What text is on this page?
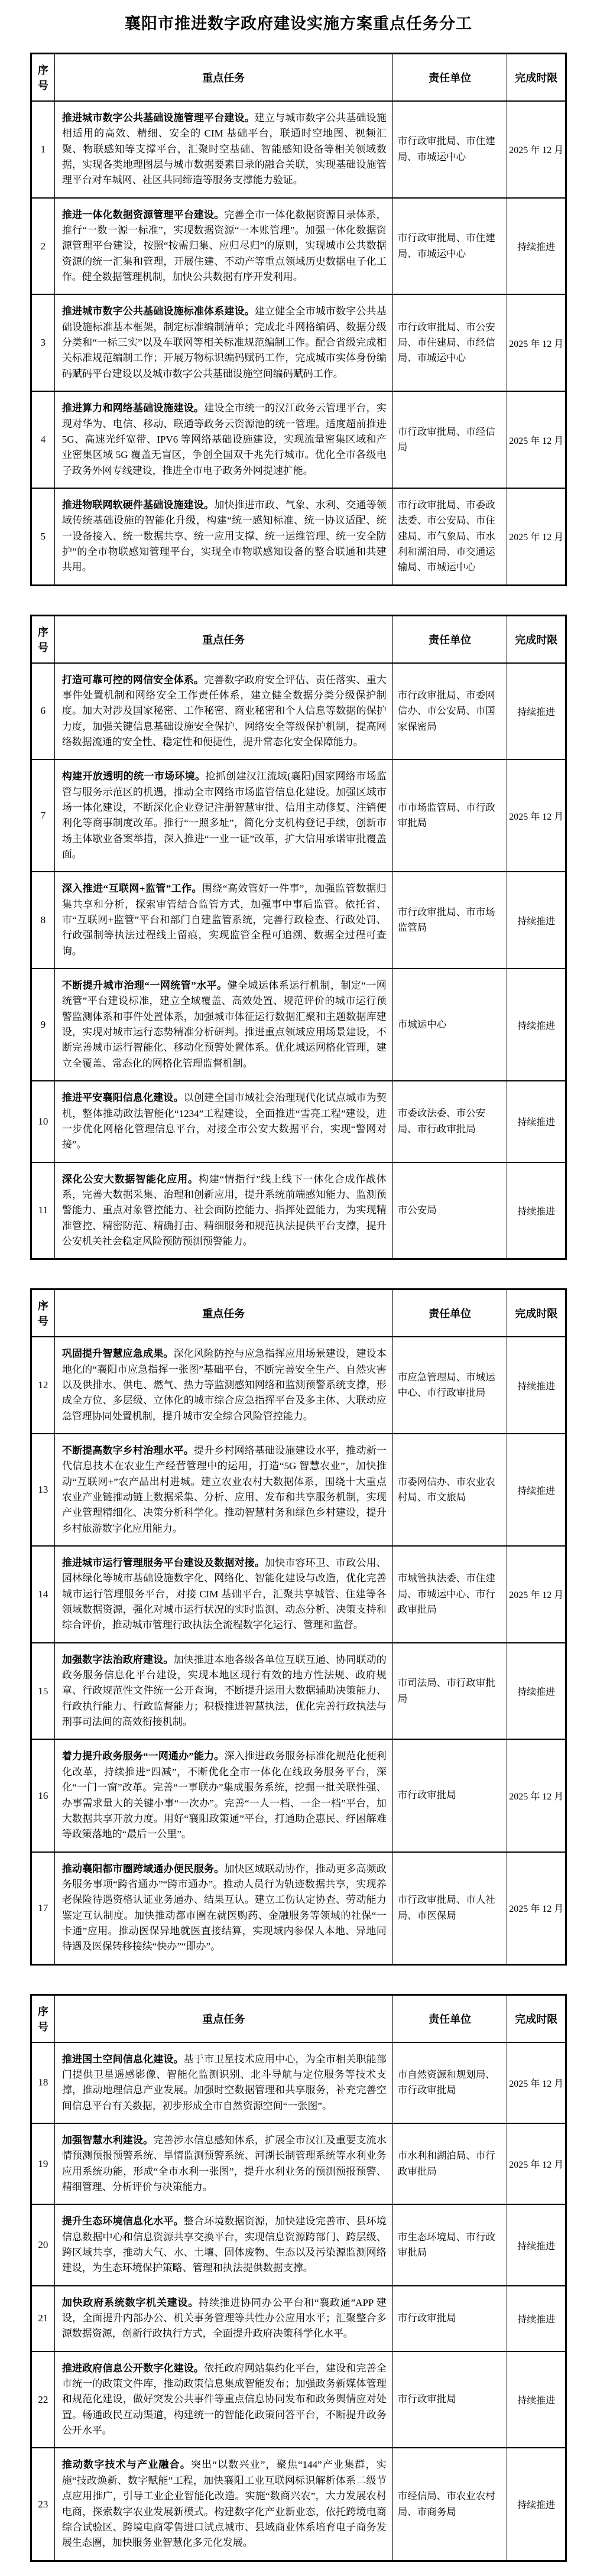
襄阳市推进数字政府建设实施方案重点任务分工
序号	重点任务	责任单位	完成时限
1	推进城市数字公共基础设施管理平台建设。建立与城市数字公共基础设施相适用的高效、精细、安全的 CIM 基础平台，联通时空地图、视频汇聚、物联感知等支撑平台，汇聚时空基础、智能感知设备等相关领域数据，实现各类地理图层与城市数据要素目录的融合关联，实现基础设施管理平台对车城网、社区共同缔造等服务支撑能力验证。	市行政审批局、市住建局、市城运中心	2025 年 12 月
2	推进一体化数据资源管理平台建设。完善全市一体化数据资源目录体系，推行“一数一源一标准”，实现数据资源“一本账管理”。加强一体化数据资源管理平台建设，按照“按需归集、应归尽归”的原则，实现城市公共数据资源的统一汇集和管理，开展住建、不动产等重点领域历史数据电子化工作。健全数据管理机制，加快公共数据有序开发利用。	市行政审批局、市住建局、市城运中心	持续推进
3	推进城市数字公共基础设施标准体系建设。建立健全全市城市数字公共基础设施标准基本框架，制定标准编制清单；完成北斗网格编码、数据分级分类和“一标三实”以及车联网等相关标准规范编制工作。配合省级完成相关标准规范编制工作；开展万物标识编码赋码工作，完成城市实体身份编码赋码平台建设以及城市数字公共基础设施空间编码赋码工作。	市行政审批局、市公安局、市住建局、市经信局、市城运中心	2025 年 12 月
4	推进算力和网络基础设施建设。建设全市统一的汉江政务云管理平台，实现对华为、电信、移动、联通等政务云资源池的统一管理。适度超前推进 5G、高速光纤宽带、IPV6 等网络基础设施建设，实现流量密集区域和产业密集区域 5G 覆盖无盲区，争创全国双千兆先行城市。优化全市各级电子政务外网专线建设，推进全市电子政务外网提速扩能。	市行政审批局、市经信局	2025 年 12 月
5	推进物联网软硬件基础设施建设。加快推进市政、气象、水利、交通等领域传统基础设施的智能化升级，构建“统一感知标准、统一协议适配、统一设备接入、统一数据共享、统一应用支撑、统一运维管理、统一安全防护”的全市物联感知管理平台，实现全市物联感知设备的整合联通和共建共用。	市行政审批局、市委政法委、市公安局、市住建局、市气象局、市水利和湖泊局、市交通运输局、市城运中心	2025 年 12 月
序号	重点任务	责任单位	完成时限
6	打造可靠可控的网信安全体系。完善数字政府安全评估、责任落实、重大事件处置机制和网络安全工作责任体系，建立健全数据分类分级保护制度。加大对涉及国家秘密、工作秘密、商业秘密和个人信息等数据的保护力度，加强关键信息基础设施安全保护、网络安全等级保护机制，提高网络数据流通的安全性、稳定性和便捷性，提升常态化安全保障能力。	市行政审批局、市委网信办、市公安局、市国家保密局	持续推进
7	构建开放透明的统一市场环境。抢抓创建汉江流域(襄阳)国家网络市场监管与服务示范区的机遇，推动全市网络市场监管信息化建设。加强区域市场一体化建设，不断深化企业登记注册智慧审批、信用主动修复、注销便利化等商事制度改革。推行“一照多址”，简化分支机构登记手续，创新市场主体歇业备案举措，深入推进“一业一证”改革，扩大信用承诺审批覆盖面。	市市场监管局、市行政审批局	2025 年 12 月
8	深入推进“互联网+监管”工作。围绕“高效管好一件事”，加强监管数据归集共享和分析，探索审管结合监管方式，加强事中事后监管。依托省、市“互联网+监管”平台和部门自建监管系统，完善行政检查、行政处罚、行政强制等执法过程线上留痕，实现监管全程可追溯、数据全过程可查询。	市行政审批局、市市场监管局	持续推进
9	不断提升城市治理“一网统管”水平。健全城运体系运行机制，制定“一网统管”平台建设标准，建立全域覆盖、高效处置、规范评价的城市运行预警监测体系和事件处置体系，加强城市体征运行数据汇聚和主题数据库建设，实现对城市运行态势精准分析研判。推进重点领域应用场景建设，不断完善城市运行智能化、移动化预警处置体系。优化城运网格化管理，建立全覆盖、常态化的网格化管理监督机制。	市城运中心	持续推进
10	推进平安襄阳信息化建设。以创建全国市域社会治理现代化试点城市为契机，整体推动政法智能化“1234”工程建设，全面推进“雪亮工程”建设，进一步优化网格化管理信息平台，对接全市公安大数据平台，实现“警网对接”。	市委政法委、市公安局、市行政审批局	持续推进
11	深化公安大数据智能化应用。构建“情指行”线上线下一体化合成作战体系，完善大数据采集、治理和创新应用，提升系统前端感知能力、监测预警能力、重点对象管控能力、社会面防控能力、指挥处置能力，为实现精准管控、精密防范、精确打击、精细服务和规范执法提供平台支撑，提升公安机关社会稳定风险预防预测预警能力。	市公安局	持续推进
序号	重点任务	责任单位	完成时限
12	巩固提升智慧应急成果。深化风险防控与应急指挥应用场景建设，建设本地化的“襄阳市应急指挥一张图”基础平台，不断完善安全生产、自然灾害以及供排水、供电、燃气、热力等监测感知网络和监测预警系统支撑，形成全方位、多层级、立体化的城市综合应急指挥平台及多主体、大联动应急管理协同处置机制，提升城市安全综合风险管控能力。	市应急管理局、市城运中心、市行政审批局	持续推进
13	不断提高数字乡村治理水平。提升乡村网络基础设施建设水平，推动新一代信息技术在农业生产经营管理中的运用，打造“5G 智慧农业”，加快推动“互联网+”农产品出村进城。建立农业农村大数据体系，围绕十大重点农业产业链推动链上数据采集、分析、应用、发布和共享服务机制，实现产业管理精细化、决策分析科学化。推动智慧村务和绿色乡村建设，提升乡村旅游数字化应用能力。	市委网信办、市农业农村局、市文旅局	持续推进
14	推进城市运行管理服务平台建设及数据对接。加快市容环卫、市政公用、园林绿化等城市基础设施数字化、网络化、智能化建设与改造，优化完善城市运行管理服务平台，对接 CIM 基础平台，汇聚共享城管、住建等各领域数据资源，强化对城市运行状况的实时监测、动态分析、决策支持和综合评价，推动城市管理行政执法全流程数字化运行、管理和监督。	市城管执法委、市住建局、市城运中心、市行政审批局	2025 年 12 月
15	加强数字法治政府建设。加快推进本地各级各单位互联互通、协同联动的政务服务信息化平台建设，实现本地区现行有效的地方性法规、政府规章、行政规范性文件统一公开查询，不断提升运用大数据辅助决策能力、行政执行能力、行政监督能力；积极推进智慧执法，优化完善行政执法与刑事司法间的高效衔接机制。	市司法局、市行政审批局	持续推进
16	着力提升政务服务“一网通办”能力。深入推进政务服务标准化规范化便利化改革，持续推进“四减”，不断优化全市一体化在线政务服务平台，深化“一门一窗”改革。完善“一事联办”集成服务系统，挖掘一批关联性强、办事需求量大的关键小事“一次办”。完善“一人一档、一企一档”平台，加大数据共享开放力度。用好“襄阳政策通”平台，打通助企惠民、纾困解难等政策落地的“最后一公里”。	市行政审批局	2025 年 12 月
17	推动襄阳都市圈跨域通办便民服务。加快区域联动协作，推动更多高频政务服务事项“跨省通办”“跨市通办”。推动人员行为轨迹数据共享，实现养老保险待遇资格认证业务通办、结果互认。建立工伤认定协查、劳动能力鉴定互认制度。加快推动都市圈在就医购药、金融服务等领域的社保“一卡通”应用。推动医保异地就医直接结算，实现域内参保人本地、异地同待遇及医保转移接续“快办”“即办”。	市行政审批局、市人社局、市医保局	2025 年 12 月
序号	重点任务	责任单位	完成时限
18	推进国土空间信息化建设。基于市卫星技术应用中心，为全市相关职能部门提供卫星遥感影像、智能化监测识别、北斗导航与定位服务等技术支撑，推动地理信息产业发展。加强时空数据管理和共享服务，补充完善空间信息平台有关数据，初步形成全市自然资源空间“一张图”。	市自然资源和规划局、市行政审批局	2025 年 12 月
19	加强智慧水利建设。完善涉水信息感知体系，扩展全市汉江及重要支流水情预测预报预警系统、旱情监测预警系统、河湖长制管理系统等水利业务应用系统功能，形成“全市水利一张图”，提升水利业务的预测预报预警、精细管理、分析评价与决策能力。	市水利和湖泊局、市行政审批局	2025 年 12 月
20	提升生态环境信息化水平。整合环境数据资源，加快建设完善市、县环境信息数据中心和信息资源共享交换平台，实现信息资源跨部门、跨层级、跨区域共享，推动大气、水、土壤、固体废物、生态以及污染源监测网络建设，为生态环境保护策略、管理和执法提供数据支撑。	市生态环境局、市行政审批局	持续推进
21	加快政府系统数字机关建设。持续推进协同办公平台和“襄政通”APP 建设，全面提升内部办公、机关事务管理等共性办公应用水平；汇聚整合多源数据资源，创新行政执行方式，全面提升政府决策科学化水平。	市行政审批局	持续推进
22	推进政府信息公开数字化建设。依托政府网站集约化平台，建设和完善全市统一的政策文件库，推动政策信息集成智能发布；加强政务新媒体管理和规范化建设，做好突发公共事件等重点信息协同发布和政务舆情应对处置。畅通政民互动渠道，构建统一的智能化政策问答平台，不断提升政务公开水平。	市行政审批局	持续推进
23	推动数字技术与产业融合。突出“以数兴业”，聚焦“144”产业集群，实施“技改焕新、数字赋能”工程，加快襄阳工业互联网标识解析体系二级节点应用推广，引导工业企业智能化改造。实施“数商兴农”，大力发展农村电商，探索数字农业发展新模式。构建数字化产业新业态，依托跨境电商综合试验区、跨境电商零售进口试点城市、县域商业体系培育电子商务发展生态圈，加快服务业智慧化多元化发展。	市经信局、市农业农村局、市商务局	持续推进
